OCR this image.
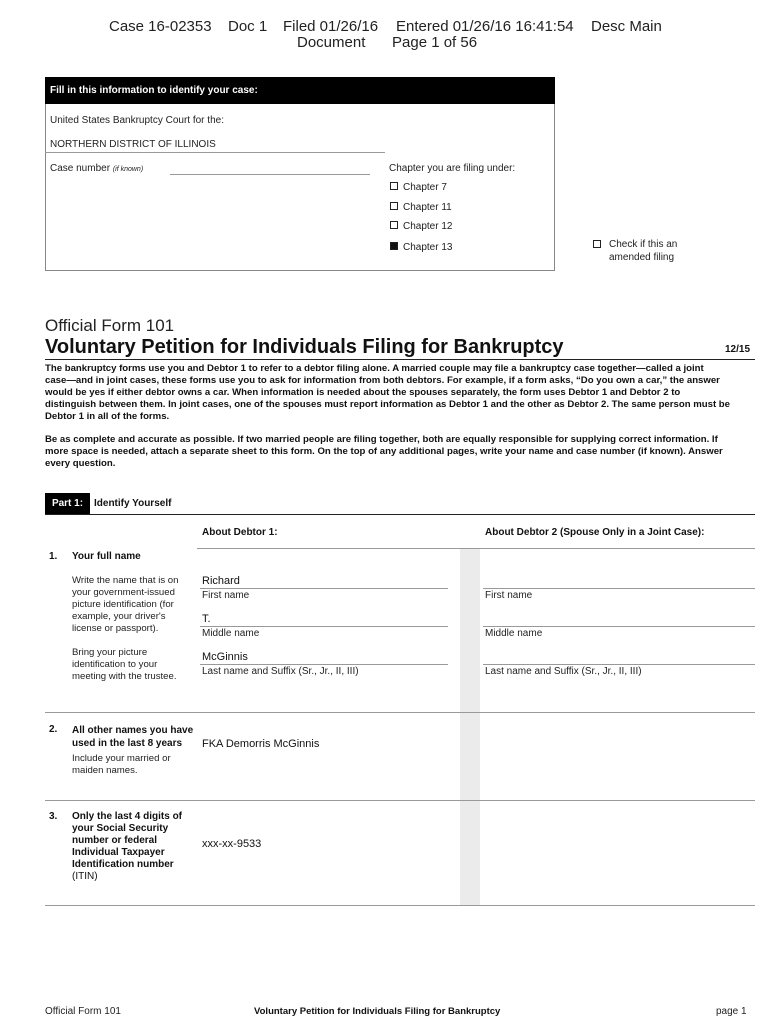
Case 16-02353 Doc 1 Filed 01/26/16 Entered 01/26/16 16:41:54 Desc Main
Document Page 1 of 56
Fill in this information to identify your case:
United States Bankruptcy Court for the:
NORTHERN DISTRICT OF ILLINOIS
Case number (if known)	Chapter you are filing under:
Chapter 7
Chapter 11
Chapter 12
Chapter 13	Check if this an
amended filing
Official Form 101
Voluntary Petition for Individuals Filing for Bankruptcy	12/15
The bankruptcy forms use you and Debtor 1 to refer to a debtor filing alone. A married couple may file a bankruptcy case together—called a joint
case—and in joint cases, these forms use you to ask for information from both debtors. For example, if a form asks, “Do you own a car,” the answer
would be yes if either debtor owns a car. When information is needed about the spouses separately, the form uses Debtor 1 and Debtor 2 to
distinguish between them. In joint cases, one of the spouses must report information as Debtor 1 and the other as Debtor 2. The same person must be
Debtor 1 in all of the forms.
Be as complete and accurate as possible. If two married people are filing together, both are equally responsible for supplying correct information. If
more space is needed, attach a separate sheet to this form. On the top of any additional pages, write your name and case number (if known). Answer
every question.
Part 1:	Identify Yourself
About Debtor 1:	About Debtor 2 (Spouse Only in a Joint Case):
1. Your full name
Write the name that is on
your government-issued
picture identification (for
example, your driver's
license or passport).
Bring your picture
identification to your
meeting with the trustee.
Richard
First name
T.
Middle name
McGinnis
Last name and Suffix (Sr., Jr., II, III)
First name
Middle name
Last name and Suffix (Sr., Jr., II, III)
2. All other names you have
used in the last 8 years
Include your married or
maiden names.
FKA Demorris McGinnis
3. Only the last 4 digits of
your Social Security
number or federal
Individual Taxpayer
Identification number
(ITIN)
xxx-xx-9533
Official Form 101	Voluntary Petition for Individuals Filing for Bankruptcy	page 1
